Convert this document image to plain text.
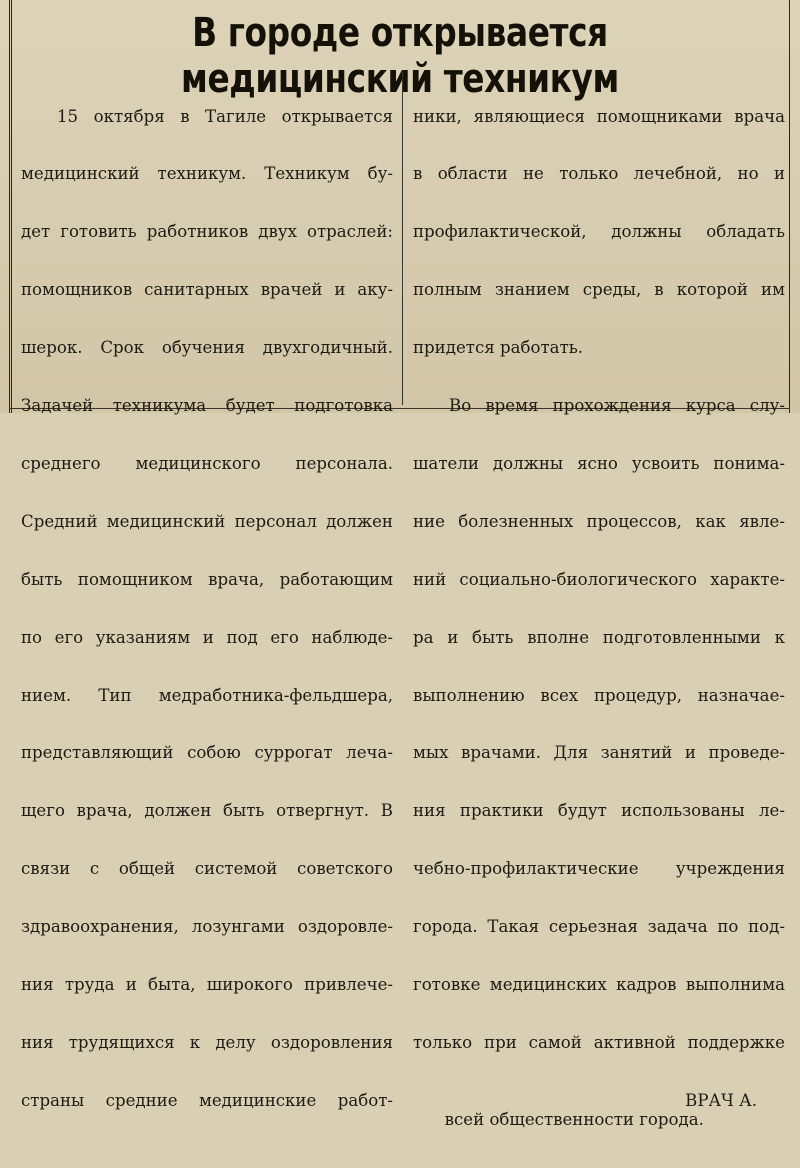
В городе открывается медицинский техникум

15 октября в Тагиле открывается

медицинский техникум. Техникум бу-

дет готовить работников двух отраслей:

помощников санитарных врачей и аку-

шерок. Срок обучения двухгодичный.

Задачей техникума будет подготовка

среднего медицинского персонала.

Средний медицинский персонал должен

быть помощником врача, работающим

по его указаниям и под его наблюде-

нием. Тип медработника-фельдшера,

представляющий собою суррогат леча-

щего врача, должен быть отвергнут. В

связи с общей системой советского

здравоохранения, лозунгами оздоровле-

ния труда и быта, широкого привлече-

ния трудящихся к делу оздоровления

страны средние медицинские работ-

ники, являющиеся помощниками врача

в области не только лечебной, но и

профилактической, должны обладать

полным знанием среды, в которой им

придется работать.

Во время прохождения курса слу-

шатели должны ясно усвоить понима-

ние болезненных процессов, как явле-

ний социально-биологического характе-

ра и быть вполне подготовленными к

выполнению всех процедур, назначае-

мых врачами. Для занятий и проведе-

ния практики будут использованы ле-

чебно-профилактические учреждения

города. Такая серьезная задача по под-

готовке медицинских кадров выполнима

только при самой активной поддержке

всей общественности города.

ВРАЧ А.
